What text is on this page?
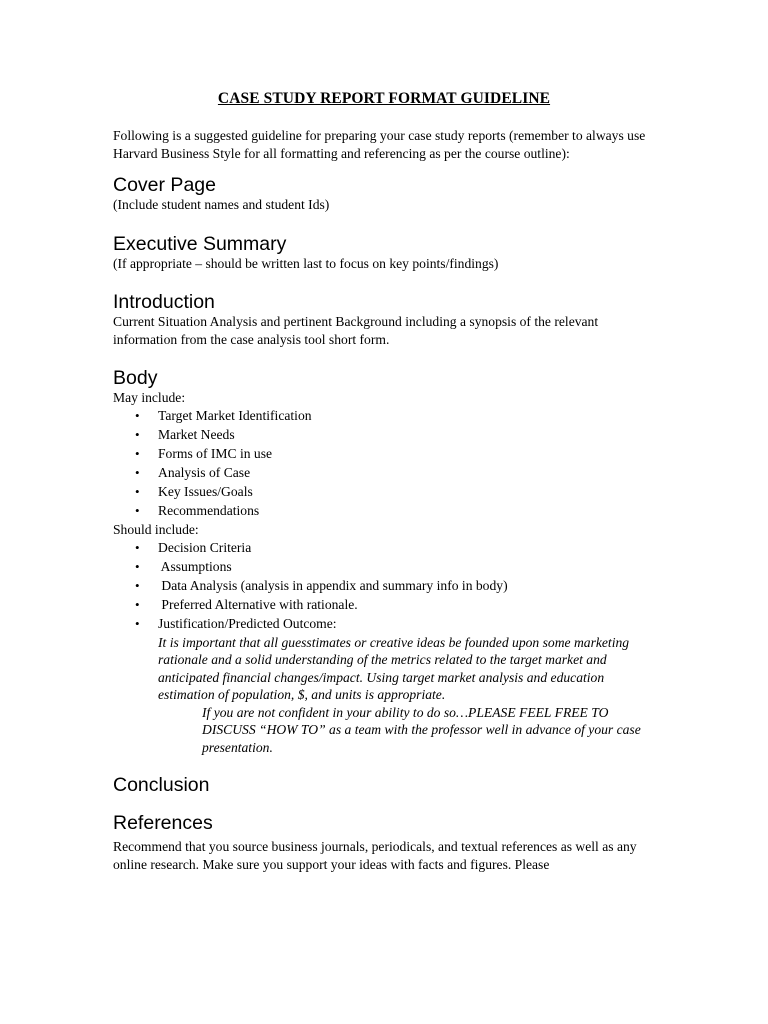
CASE STUDY REPORT FORMAT GUIDELINE

Following is a suggested guideline for preparing your case study reports (remember to always use Harvard Business Style for all formatting and referencing as per the course outline):

Cover Page

(Include student names and student Ids)

Executive Summary

(If appropriate – should be written last to focus on key points/findings)

Introduction

Current Situation Analysis and pertinent Background including a synopsis of the relevant information from the case analysis tool short form.

Body

May include:

• Target Market Identification
• Market Needs
• Forms of IMC in use
• Analysis of Case
• Key Issues/Goals
• Recommendations

Should include:

• Decision Criteria
• Assumptions
• Data Analysis (analysis in appendix and summary info in body)
• Preferred Alternative with rationale.
• Justification/Predicted Outcome:
It is important that all guesstimates or creative ideas be founded upon some marketing rationale and a solid understanding of the metrics related to the target market and anticipated financial changes/impact. Using target market analysis and education estimation of population, $, and units is appropriate.
If you are not confident in your ability to do so…PLEASE FEEL FREE TO DISCUSS “HOW TO” as a team with the professor well in advance of your case presentation.
Conclusion
References

Recommend that you source business journals, periodicals, and textual references as well as any online research. Make sure you support your ideas with facts and figures. Please
